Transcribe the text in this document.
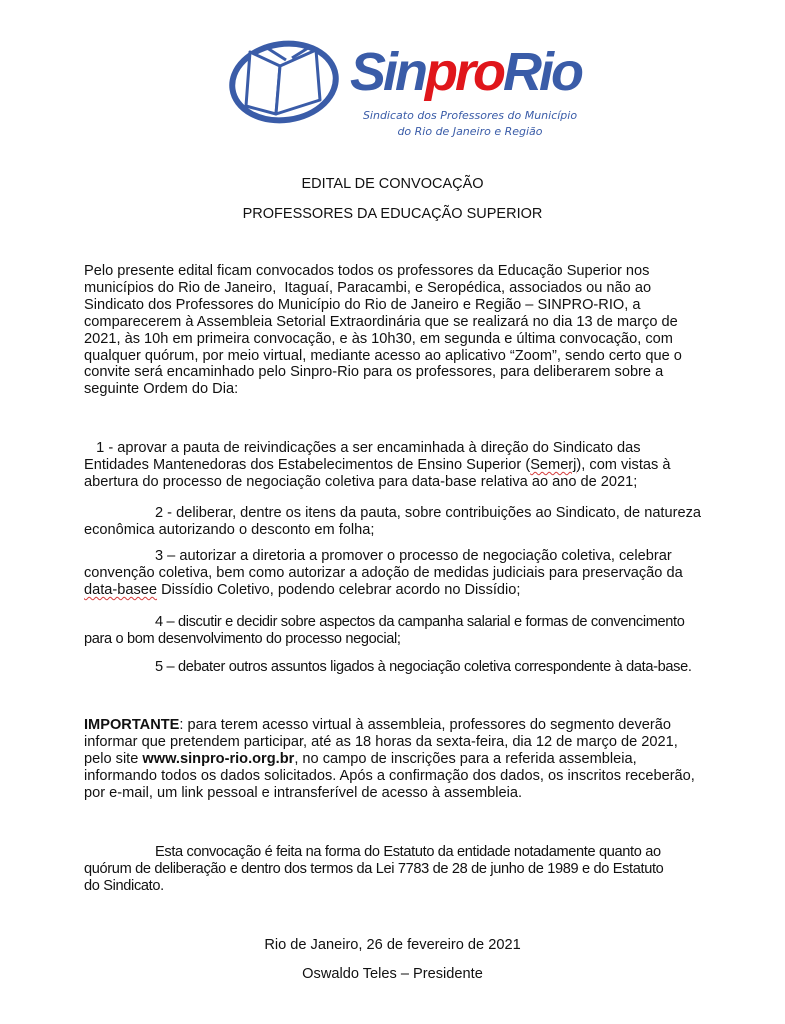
SinproRio
Sindicato dos Professores do Município
do Rio de Janeiro e Região
EDITAL DE CONVOCAÇÃO
PROFESSORES DA EDUCAÇÃO SUPERIOR
Pelo presente edital ficam convocados todos os professores da Educação Superior nos
municípios do Rio de Janeiro,  Itaguaí, Paracambi, e Seropédica, associados ou não ao
Sindicato dos Professores do Município do Rio de Janeiro e Região – SINPRO-RIO, a
comparecerem à Assembleia Setorial Extraordinária que se realizará no dia 13 de março de
2021, às 10h em primeira convocação, e às 10h30, em segunda e última convocação, com
qualquer quórum, por meio virtual, mediante acesso ao aplicativo “Zoom”, sendo certo que o
convite será encaminhado pelo Sinpro-Rio para os professores, para deliberarem sobre a
seguinte Ordem do Dia:
1 - aprovar a pauta de reivindicações a ser encaminhada à direção do Sindicato das
Entidades Mantenedoras dos Estabelecimentos de Ensino Superior (Semerj), com vistas à
abertura do processo de negociação coletiva para data-base relativa ao ano de 2021;
2 - deliberar, dentre os itens da pauta, sobre contribuições ao Sindicato, de natureza
econômica autorizando o desconto em folha;
3 – autorizar a diretoria a promover o processo de negociação coletiva, celebrar
convenção coletiva, bem como autorizar a adoção de medidas judiciais para preservação da
data-basee Dissídio Coletivo, podendo celebrar acordo no Dissídio;
4 – discutir e decidir sobre aspectos da campanha salarial e formas de convencimento
para o bom desenvolvimento do processo negocial;
5 – debater outros assuntos ligados à negociação coletiva correspondente à data-base.
IMPORTANTE: para terem acesso virtual à assembleia, professores do segmento deverão
informar que pretendem participar, até as 18 horas da sexta-feira, dia 12 de março de 2021,
pelo site www.sinpro-rio.org.br, no campo de inscrições para a referida assembleia,
informando todos os dados solicitados. Após a confirmação dos dados, os inscritos receberão,
por e-mail, um link pessoal e intransferível de acesso à assembleia.
Esta convocação é feita na forma do Estatuto da entidade notadamente quanto ao
quórum de deliberação e dentro dos termos da Lei 7783 de 28 de junho de 1989 e do Estatuto
do Sindicato.
Rio de Janeiro, 26 de fevereiro de 2021
Oswaldo Teles – Presidente
